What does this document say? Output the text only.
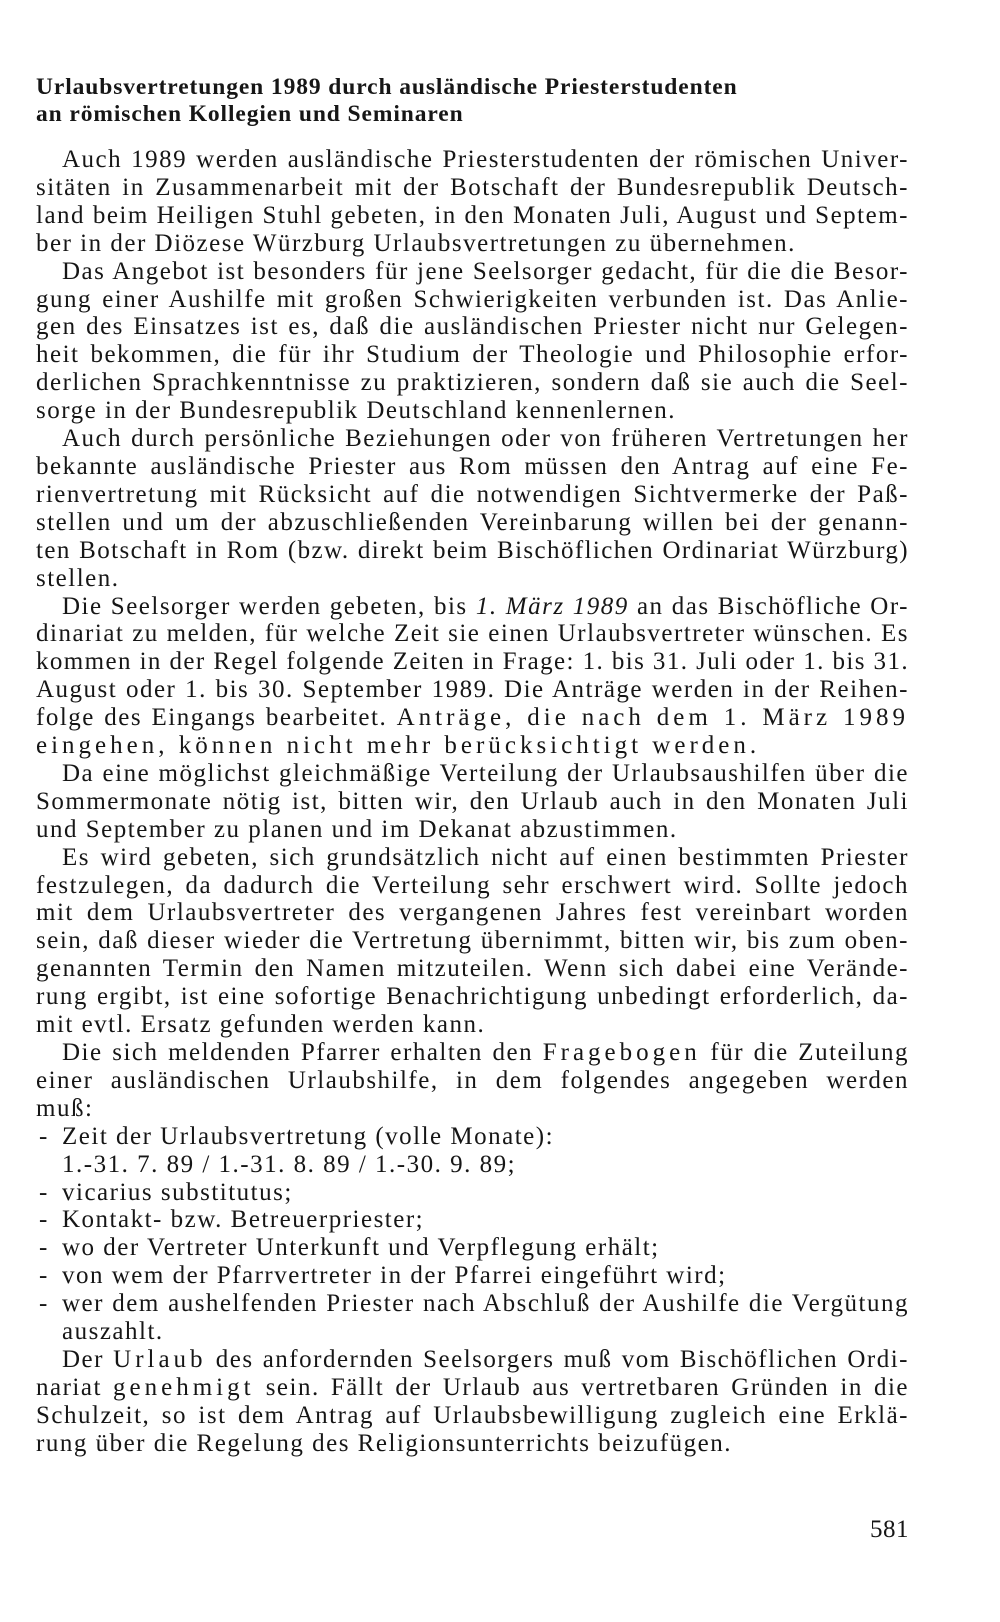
Urlaubsvertretungen 1989 durch ausländische Priesterstudenten
an römischen Kollegien und Seminaren
Auch 1989 werden ausländische Priesterstudenten der römischen Univer-
sitäten in Zusammenarbeit mit der Botschaft der Bundesrepublik Deutsch-
land beim Heiligen Stuhl gebeten, in den Monaten Juli, August und Septem-
ber in der Diözese Würzburg Urlaubsvertretungen zu übernehmen.
Das Angebot ist besonders für jene Seelsorger gedacht, für die die Besor-
gung einer Aushilfe mit großen Schwierigkeiten verbunden ist. Das Anlie-
gen des Einsatzes ist es, daß die ausländischen Priester nicht nur Gelegen-
heit bekommen, die für ihr Studium der Theologie und Philosophie erfor-
derlichen Sprachkenntnisse zu praktizieren, sondern daß sie auch die Seel-
sorge in der Bundesrepublik Deutschland kennenlernen.
Auch durch persönliche Beziehungen oder von früheren Vertretungen her
bekannte ausländische Priester aus Rom müssen den Antrag auf eine Fe-
rienvertretung mit Rücksicht auf die notwendigen Sichtvermerke der Paß-
stellen und um der abzuschließenden Vereinbarung willen bei der genann-
ten Botschaft in Rom (bzw. direkt beim Bischöflichen Ordinariat Würzburg)
stellen.
Die Seelsorger werden gebeten, bis 1. März 1989 an das Bischöfliche Or-
dinariat zu melden, für welche Zeit sie einen Urlaubsvertreter wünschen. Es
kommen in der Regel folgende Zeiten in Frage: 1. bis 31. Juli oder 1. bis 31.
August oder 1. bis 30. September 1989. Die Anträge werden in der Reihen-
folge des Eingangs bearbeitet. Anträge, die nach dem 1. März 1989
eingehen, können nicht mehr berücksichtigt werden.
Da eine möglichst gleichmäßige Verteilung der Urlaubsaushilfen über die
Sommermonate nötig ist, bitten wir, den Urlaub auch in den Monaten Juli
und September zu planen und im Dekanat abzustimmen.
Es wird gebeten, sich grundsätzlich nicht auf einen bestimmten Priester
festzulegen, da dadurch die Verteilung sehr erschwert wird. Sollte jedoch
mit dem Urlaubsvertreter des vergangenen Jahres fest vereinbart worden
sein, daß dieser wieder die Vertretung übernimmt, bitten wir, bis zum oben-
genannten Termin den Namen mitzuteilen. Wenn sich dabei eine Verände-
rung ergibt, ist eine sofortige Benachrichtigung unbedingt erforderlich, da-
mit evtl. Ersatz gefunden werden kann.
Die sich meldenden Pfarrer erhalten den Fragebogen für die Zuteilung
einer ausländischen Urlaubshilfe, in dem folgendes angegeben werden
muß:
- Zeit der Urlaubsvertretung (volle Monate):
1.-31. 7. 89 / 1.-31. 8. 89 / 1.-30. 9. 89;
- vicarius substitutus;
- Kontakt- bzw. Betreuerpriester;
- wo der Vertreter Unterkunft und Verpflegung erhält;
- von wem der Pfarrvertreter in der Pfarrei eingeführt wird;
- wer dem aushelfenden Priester nach Abschluß der Aushilfe die Vergütung
auszahlt.
Der Urlaub des anfordernden Seelsorgers muß vom Bischöflichen Ordi-
nariat genehmigt sein. Fällt der Urlaub aus vertretbaren Gründen in die
Schulzeit, so ist dem Antrag auf Urlaubsbewilligung zugleich eine Erklä-
rung über die Regelung des Religionsunterrichts beizufügen.
581
